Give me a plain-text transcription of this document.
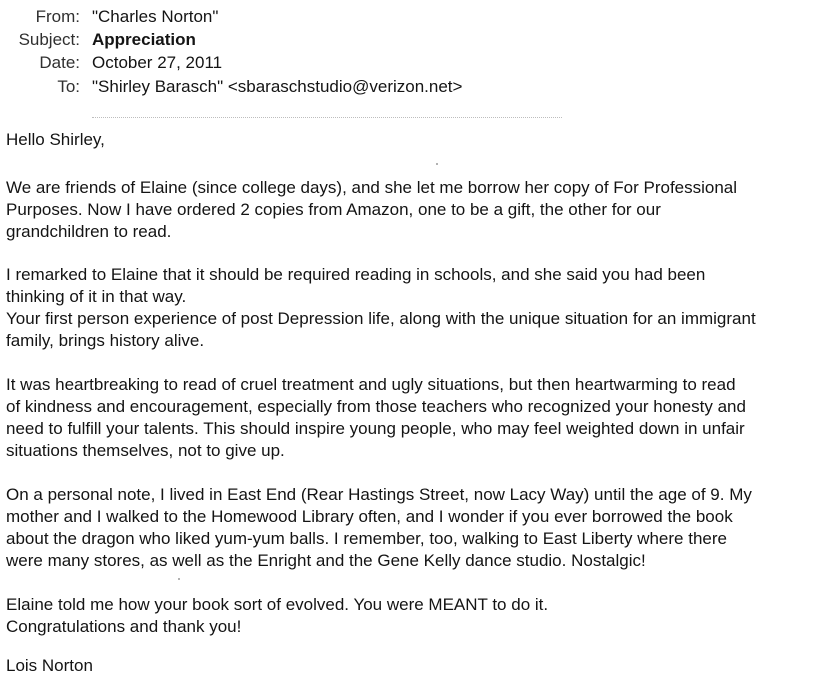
From: "Charles Norton"
Subject: Appreciation
Date: October 27, 2011
To: "Shirley Barasch" <sbaraschstudio@verizon.net>

Hello Shirley,

We are friends of Elaine (since college days), and she let me borrow her copy of For Professional
Purposes. Now I have ordered 2 copies from Amazon, one to be a gift, the other for our
grandchildren to read.

I remarked to Elaine that it should be required reading in schools, and she said you had been
thinking of it in that way.
Your first person experience of post Depression life, along with the unique situation for an immigrant
family, brings history alive.

It was heartbreaking to read of cruel treatment and ugly situations, but then heartwarming to read
of kindness and encouragement, especially from those teachers who recognized your honesty and
need to fulfill your talents. This should inspire young people, who may feel weighted down in unfair
situations themselves, not to give up.

On a personal note, I lived in East End (Rear Hastings Street, now Lacy Way) until the age of 9. My
mother and I walked to the Homewood Library often, and I wonder if you ever borrowed the book
about the dragon who liked yum-yum balls. I remember, too, walking to East Liberty where there
were many stores, as well as the Enright and the Gene Kelly dance studio. Nostalgic!

Elaine told me how your book sort of evolved. You were MEANT to do it.
Congratulations and thank you!

Lois Norton
